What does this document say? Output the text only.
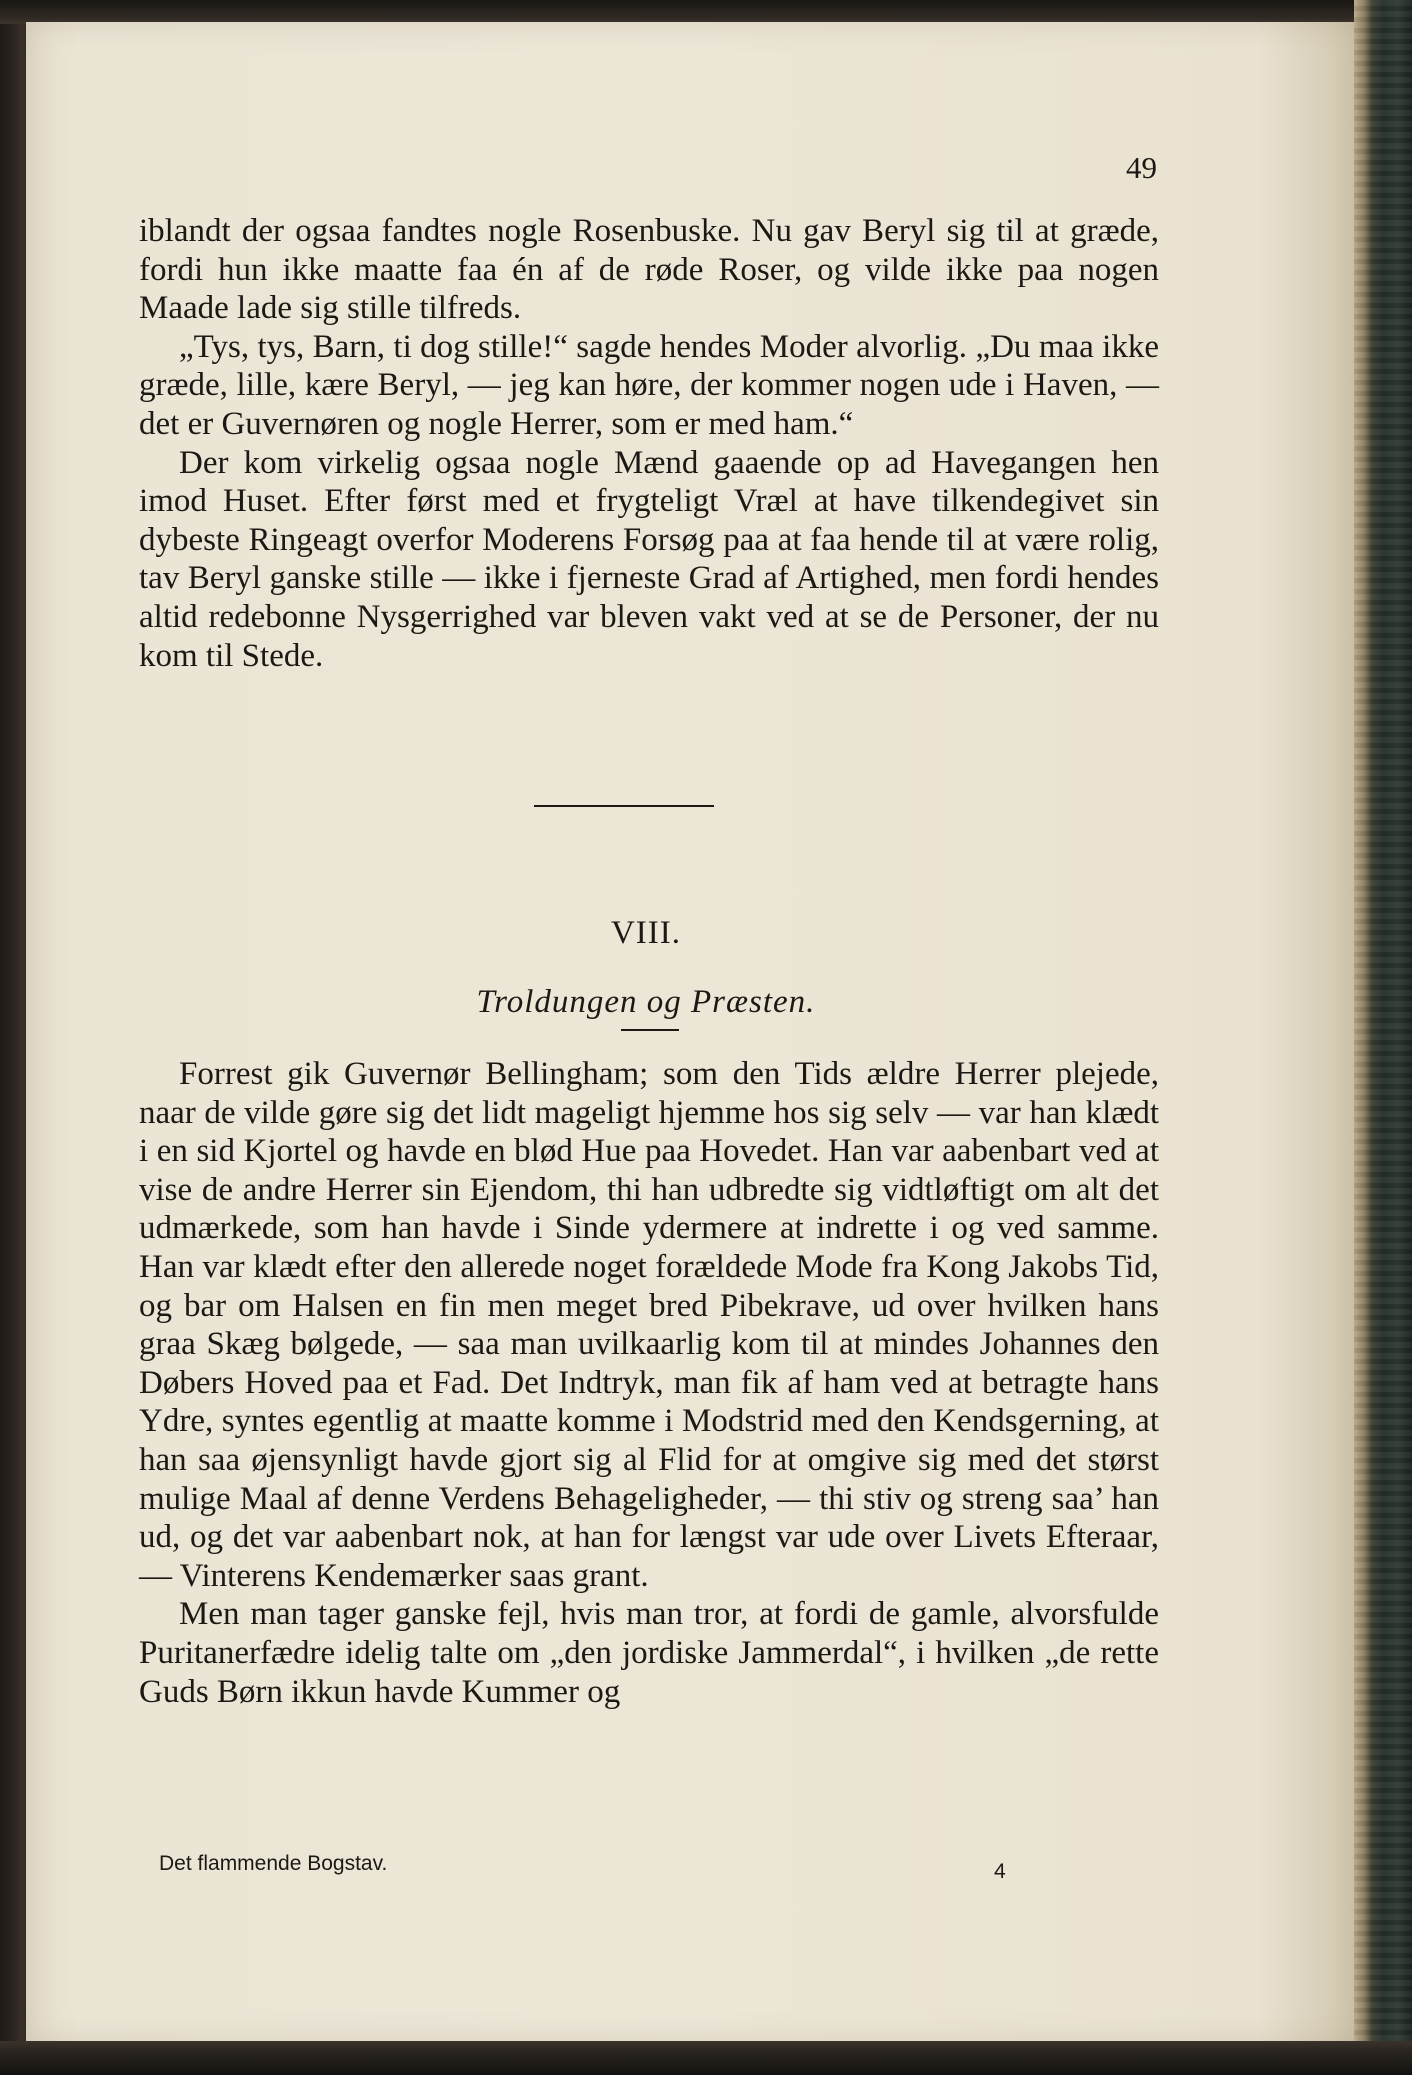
49

iblandt der ogsaa fandtes nogle Rosenbuske. Nu gav Beryl sig til at græde, fordi hun ikke maatte faa én af de røde Roser, og vilde ikke paa nogen Maade lade sig stille tilfreds.

„Tys, tys, Barn, ti dog stille!“ sagde hendes Moder alvorlig. „Du maa ikke græde, lille, kære Beryl, — jeg kan høre, der kommer nogen ude i Haven, — det er Guvernøren og nogle Herrer, som er med ham.“

Der kom virkelig ogsaa nogle Mænd gaaende op ad Havegangen hen imod Huset. Efter først med et frygteligt Vræl at have tilkendegivet sin dybeste Ringeagt overfor Moderens Forsøg paa at faa hende til at være rolig, tav Beryl ganske stille — ikke i fjerneste Grad af Artighed, men fordi hendes altid redebonne Nysgerrighed var bleven vakt ved at se de Personer, der nu kom til Stede.

VIII.
Troldungen og Præsten.

Forrest gik Guvernør Bellingham; som den Tids ældre Herrer plejede, naar de vilde gøre sig det lidt mageligt hjemme hos sig selv — var han klædt i en sid Kjortel og havde en blød Hue paa Hovedet. Han var aabenbart ved at vise de andre Herrer sin Ejendom, thi han udbredte sig vidtløftigt om alt det udmærkede, som han havde i Sinde ydermere at indrette i og ved samme. Han var klædt efter den allerede noget forældede Mode fra Kong Jakobs Tid, og bar om Halsen en fin men meget bred Pibekrave, ud over hvilken hans graa Skæg bølgede, — saa man uvilkaarlig kom til at mindes Johannes den Døbers Hoved paa et Fad. Det Indtryk, man fik af ham ved at betragte hans Ydre, syntes egentlig at maatte komme i Modstrid med den Kendsgerning, at han saa øjensynligt havde gjort sig al Flid for at omgive sig med det størst mulige Maal af denne Verdens Behageligheder, — thi stiv og streng saa’ han ud, og det var aabenbart nok, at han for længst var ude over Livets Efteraar, — Vinterens Kendemærker saas grant.

Men man tager ganske fejl, hvis man tror, at fordi de gamle, alvorsfulde Puritanerfædre idelig talte om „den jordiske Jammerdal“, i hvilken „de rette Guds Børn ikkun havde Kummer og

Det flammende Bogstav.	4
